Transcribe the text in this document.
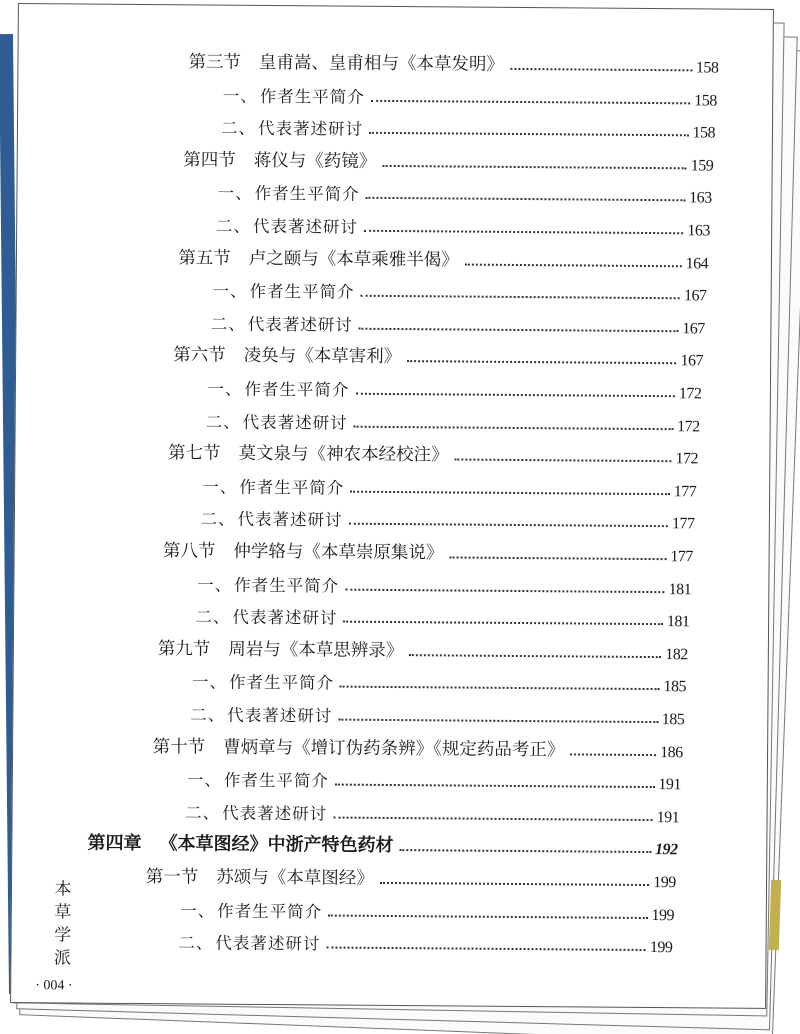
第三节 皇甫嵩、皇甫相与《本草发明》	158
一、 作者生平简介	158
二、 代表著述研讨	158
第四节 蒋仪与《药镜》	159
一、 作者生平简介	163
二、 代表著述研讨	163
第五节 卢之颐与《本草乘雅半偈》	164
一、 作者生平简介	167
二、 代表著述研讨	167
第六节 凌奂与《本草害利》	167
一、 作者生平简介	172
二、 代表著述研讨	172
第七节 莫文泉与《神农本经校注》	172
一、 作者生平简介	177
二、 代表著述研讨	177
第八节 仲学辂与《本草崇原集说》	177
一、 作者生平简介	181
二、 代表著述研讨	181
第九节 周岩与《本草思辨录》	182
一、 作者生平简介	185
二、 代表著述研讨	185
第十节 曹炳章与《增订伪药条辨》《规定药品考正》	186
一、 作者生平简介	191
二、 代表著述研讨	191
第四章 《本草图经》中浙产特色药材	192
第一节 苏颂与《本草图经》	199
一、 作者生平简介	199
二、 代表著述研讨	199
本草学派
· 004 ·
